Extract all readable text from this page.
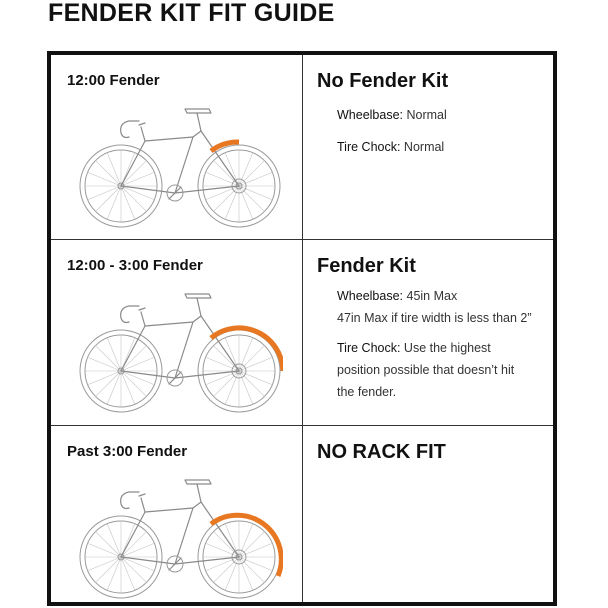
FENDER KIT FIT GUIDE

12:00 Fender	No Fender Kit

Wheelbase: Normal

Tire Chock: Normal

12:00 - 3:00 Fender	Fender Kit

Wheelbase: 45in Max
47in Max if tire width is less than 2”

Tire Chock: Use the highest
position possible that doesn’t hit
the fender.

Past 3:00 Fender	NO RACK FIT
